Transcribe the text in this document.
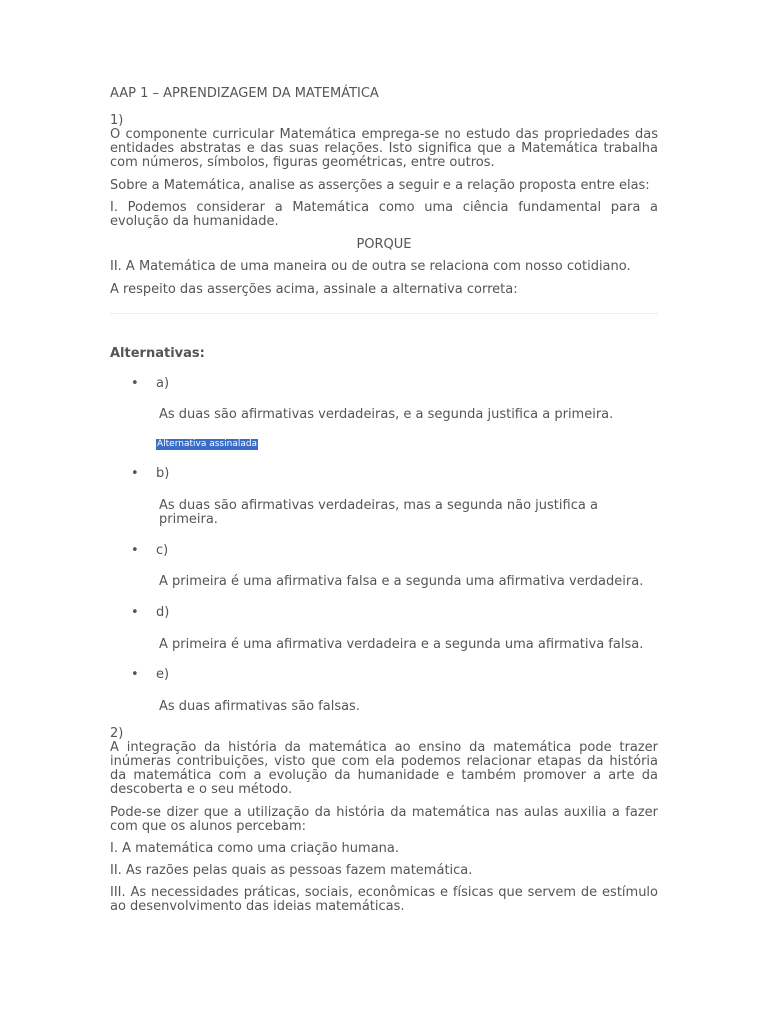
AAP 1 – APRENDIZAGEM DA MATEMÁTICA
1)
O componente curricular Matemática emprega-se no estudo das propriedades das entidades abstratas e das suas relações. Isto significa que a Matemática trabalha com números, símbolos, figuras geométricas, entre outros.
Sobre a Matemática, analise as asserções a seguir e a relação proposta entre elas:
I. Podemos considerar a Matemática como uma ciência fundamental para a evolução da humanidade.
PORQUE
II. A Matemática de uma maneira ou de outra se relaciona com nosso cotidiano.
A respeito das asserções acima, assinale a alternativa correta:
Alternativas:
• a)
As duas são afirmativas verdadeiras, e a segunda justifica a primeira.
Alternativa assinalada
• b)
As duas são afirmativas verdadeiras, mas a segunda não justifica a primeira.
• c)
A primeira é uma afirmativa falsa e a segunda uma afirmativa verdadeira.
• d)
A primeira é uma afirmativa verdadeira e a segunda uma afirmativa falsa.
• e)
As duas afirmativas são falsas.
2)
A integração da história da matemática ao ensino da matemática pode trazer inúmeras contribuições, visto que com ela podemos relacionar etapas da história da matemática com a evolução da humanidade e também promover a arte da descoberta e o seu método.
Pode-se dizer que a utilização da história da matemática nas aulas auxilia a fazer com que os alunos percebam:
I. A matemática como uma criação humana.
II. As razões pelas quais as pessoas fazem matemática.
III. As necessidades práticas, sociais, econômicas e físicas que servem de estímulo ao desenvolvimento das ideias matemáticas.
